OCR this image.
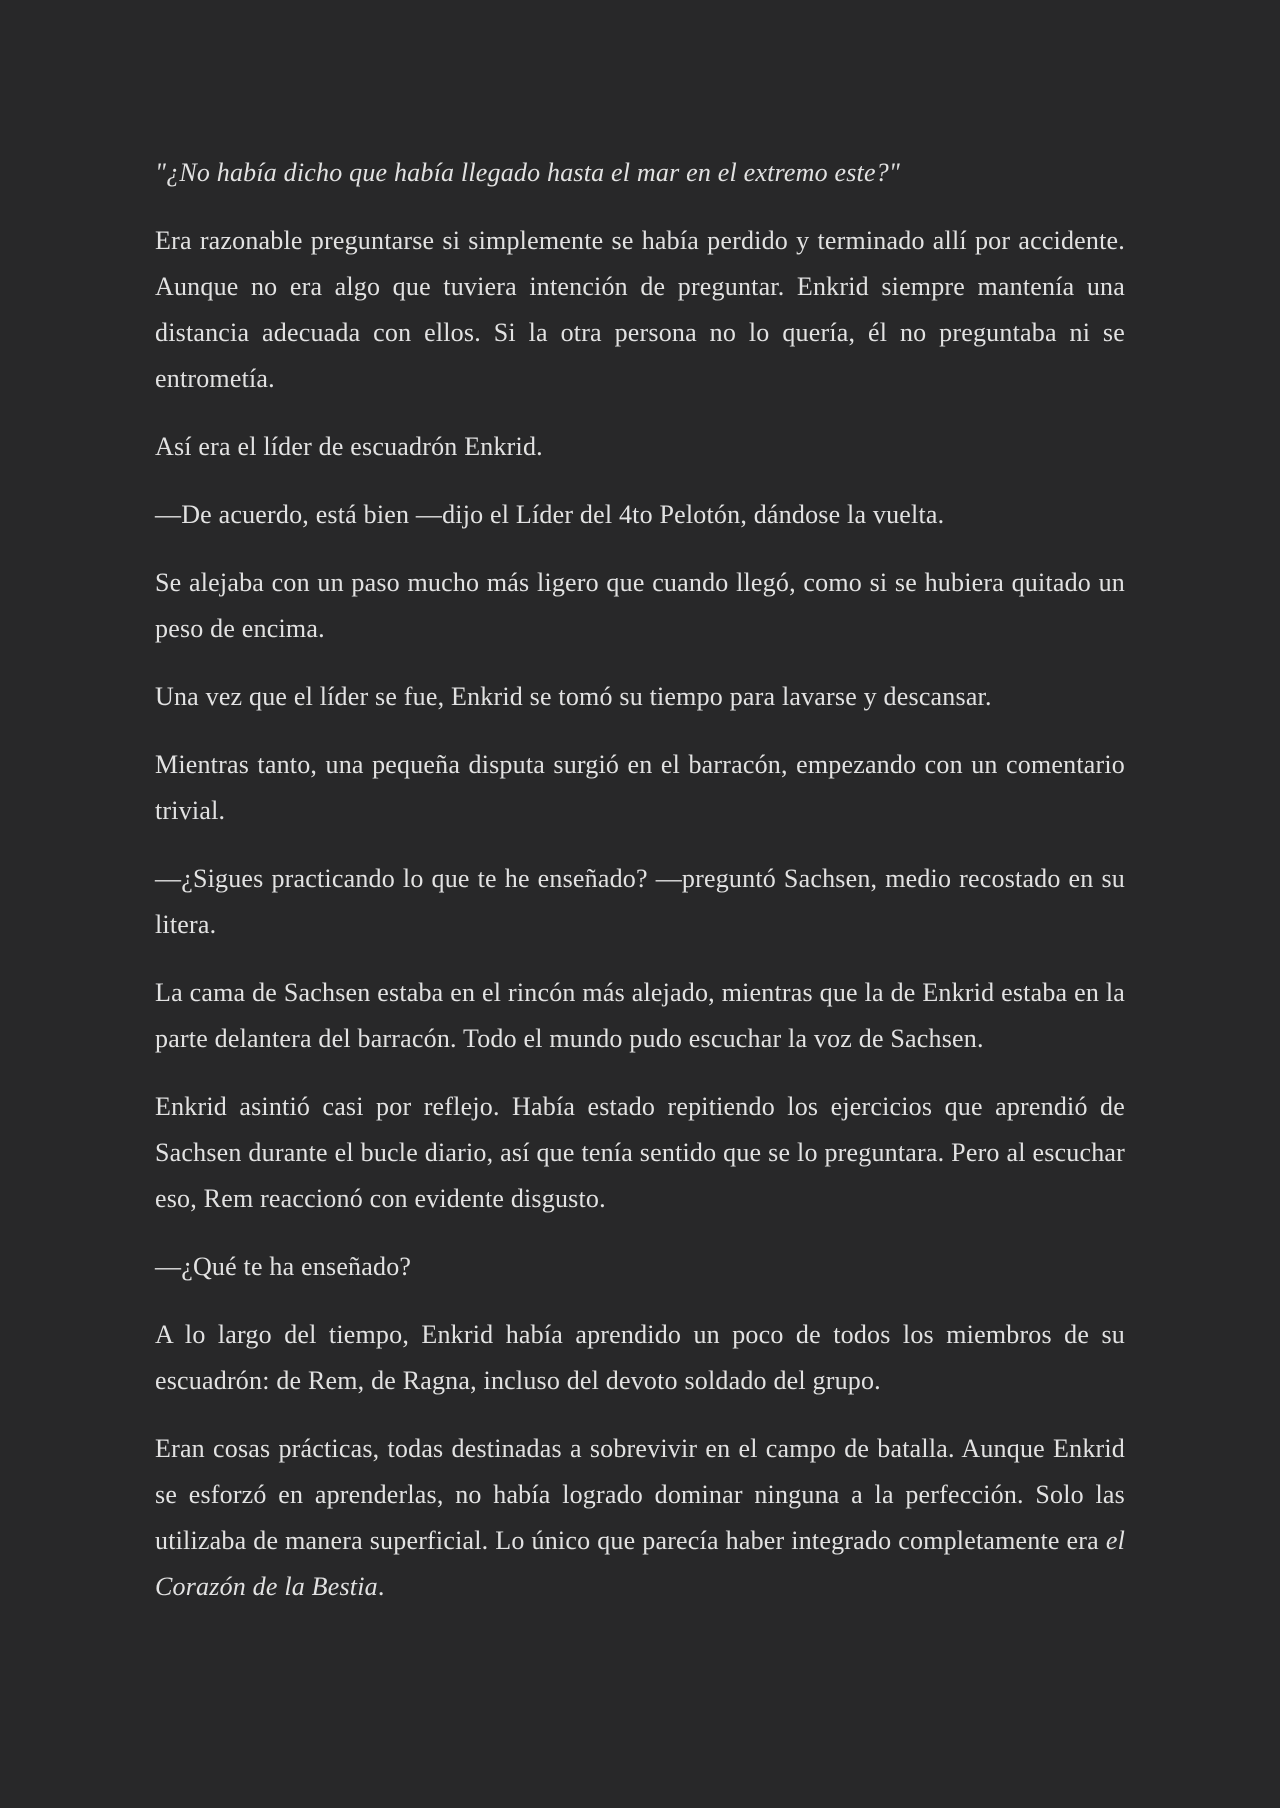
"¿No había dicho que había llegado hasta el mar en el extremo este?"

Era razonable preguntarse si simplemente se había perdido y terminado allí por accidente. Aunque no era algo que tuviera intención de preguntar. Enkrid siempre mantenía una distancia adecuada con ellos. Si la otra persona no lo quería, él no preguntaba ni se entrometía.

Así era el líder de escuadrón Enkrid.

—De acuerdo, está bien —dijo el Líder del 4to Pelotón, dándose la vuelta.

Se alejaba con un paso mucho más ligero que cuando llegó, como si se hubiera quitado un peso de encima.

Una vez que el líder se fue, Enkrid se tomó su tiempo para lavarse y descansar.

Mientras tanto, una pequeña disputa surgió en el barracón, empezando con un comentario trivial.

—¿Sigues practicando lo que te he enseñado? —preguntó Sachsen, medio recostado en su litera.

La cama de Sachsen estaba en el rincón más alejado, mientras que la de Enkrid estaba en la parte delantera del barracón. Todo el mundo pudo escuchar la voz de Sachsen.

Enkrid asintió casi por reflejo. Había estado repitiendo los ejercicios que aprendió de Sachsen durante el bucle diario, así que tenía sentido que se lo preguntara. Pero al escuchar eso, Rem reaccionó con evidente disgusto.

—¿Qué te ha enseñado?

A lo largo del tiempo, Enkrid había aprendido un poco de todos los miembros de su escuadrón: de Rem, de Ragna, incluso del devoto soldado del grupo.

Eran cosas prácticas, todas destinadas a sobrevivir en el campo de batalla. Aunque Enkrid se esforzó en aprenderlas, no había logrado dominar ninguna a la perfección. Solo las utilizaba de manera superficial. Lo único que parecía haber integrado completamente era el Corazón de la Bestia.
